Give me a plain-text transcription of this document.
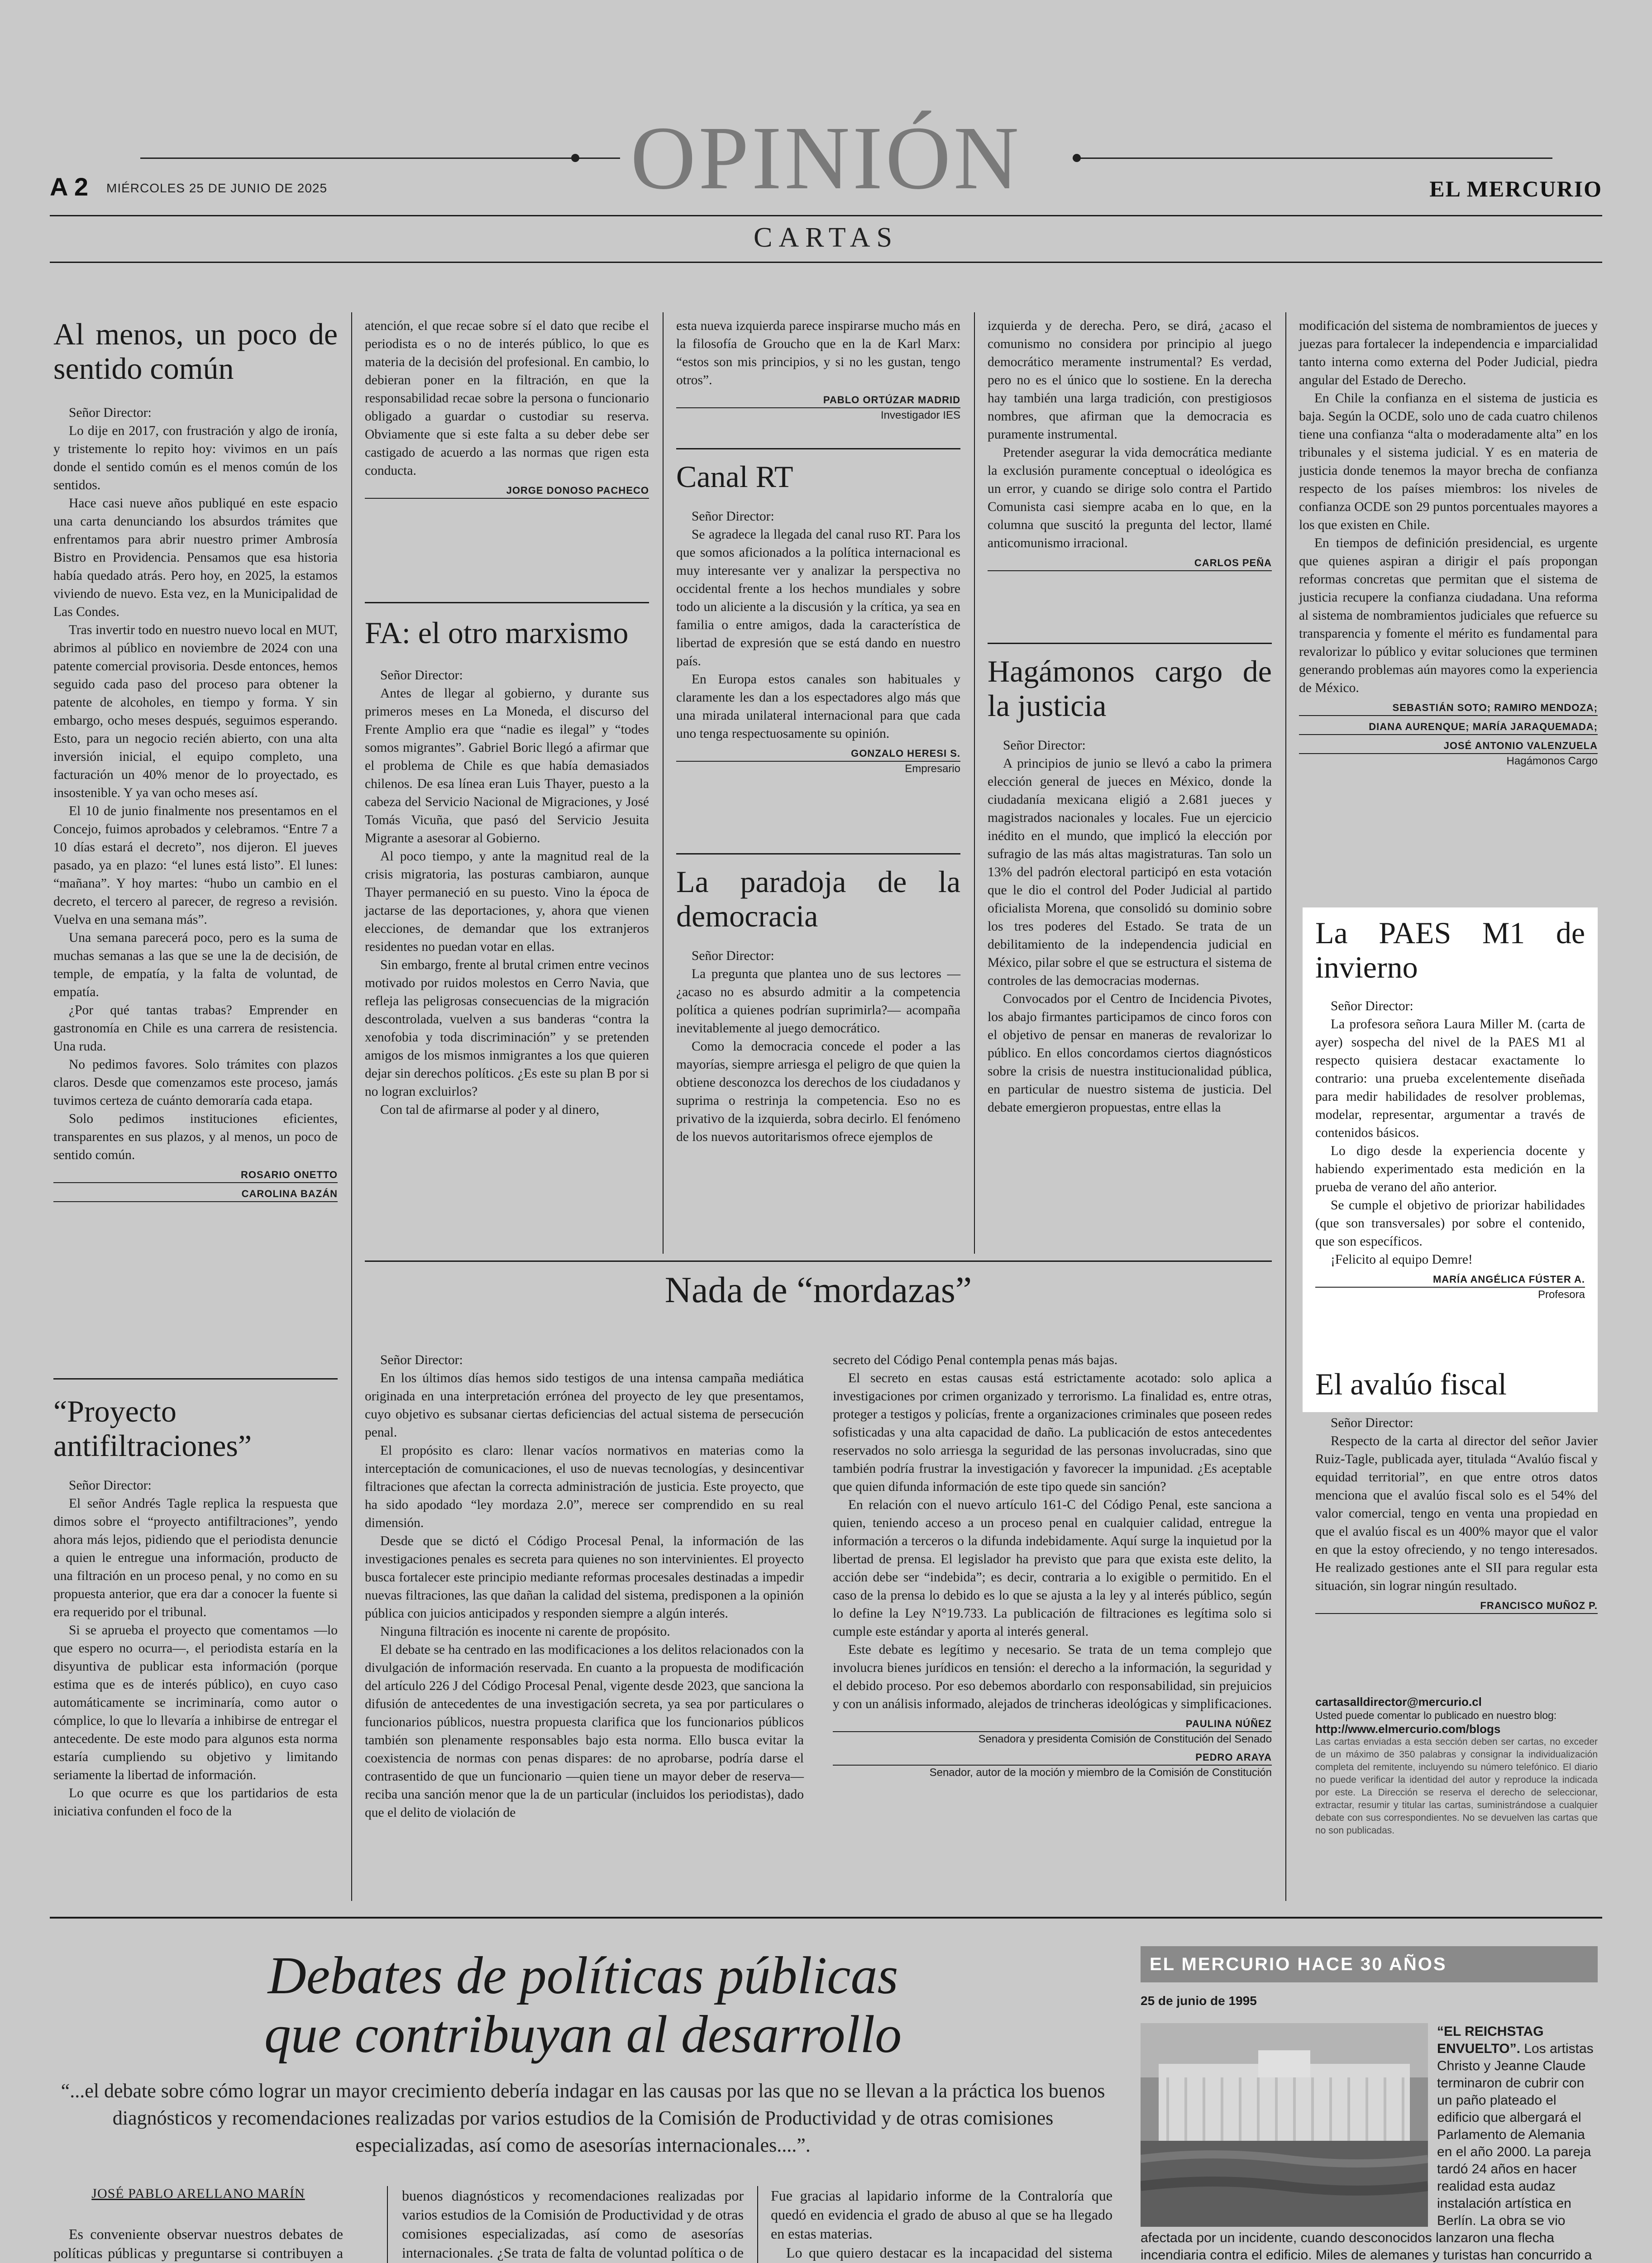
OPINIÓN
A 2 MIÉRCOLES 25 DE JUNIO DE 2025	EL MERCURIO
CARTAS
Al menos, un poco de sentido común

Señor Director:

Lo dije en 2017, con frustración y algo de ironía, y tristemente lo repito hoy: vivimos en un país donde el sentido común es el menos común de los sentidos.

Hace casi nueve años publiqué en este espacio una carta denunciando los absurdos trámites que enfrentamos para abrir nuestro primer Ambrosía Bistro en Providencia. Pensamos que esa historia había quedado atrás. Pero hoy, en 2025, la estamos viviendo de nuevo. Esta vez, en la Municipalidad de Las Condes.

Tras invertir todo en nuestro nuevo local en MUT, abrimos al público en noviembre de 2024 con una patente comercial provisoria. Desde entonces, hemos seguido cada paso del proceso para obtener la patente de alcoholes, en tiempo y forma. Y sin embargo, ocho meses después, seguimos esperando. Esto, para un negocio recién abierto, con una alta inversión inicial, el equipo completo, una facturación un 40% menor de lo proyectado, es insostenible. Y ya van ocho meses así.

El 10 de junio finalmente nos presentamos en el Concejo, fuimos aprobados y celebramos. “Entre 7 a 10 días estará el decreto”, nos dijeron. El jueves pasado, ya en plazo: “el lunes está listo”. El lunes: “mañana”. Y hoy martes: “hubo un cambio en el decreto, el tercero al parecer, de regreso a revisión. Vuelva en una semana más”.

Una semana parecerá poco, pero es la suma de muchas semanas a las que se une la de decisión, de temple, de empatía, y la falta de voluntad, de empatía.

¿Por qué tantas trabas? Emprender en gastronomía en Chile es una carrera de resistencia. Una ruda.

No pedimos favores. Solo trámites con plazos claros. Desde que comenzamos este proceso, jamás tuvimos certeza de cuánto demoraría cada etapa.

Solo pedimos instituciones eficientes, transparentes en sus plazos, y al menos, un poco de sentido común.

ROSARIO ONETTO
CAROLINA BAZÁN
“Proyecto antifiltraciones”

Señor Director:

El señor Andrés Tagle replica la respuesta que dimos sobre el “proyecto antifiltraciones”, yendo ahora más lejos, pidiendo que el periodista denuncie a quien le entregue una información, producto de una filtración en un proceso penal, y no como en su propuesta anterior, que era dar a conocer la fuente si era requerido por el tribunal.

Si se aprueba el proyecto que comentamos —lo que espero no ocurra—, el periodista estaría en la disyuntiva de publicar esta información (porque estima que es de interés público), en cuyo caso automáticamente se incriminaría, como autor o cómplice, lo que lo llevaría a inhibirse de entregar el antecedente. De este modo para algunos esta norma estaría cumpliendo su objetivo y limitando seriamente la libertad de información.

Lo que ocurre es que los partidarios de esta iniciativa confunden el foco de la

atención, el que recae sobre sí el dato que recibe el periodista es o no de interés público, lo que es materia de la decisión del profesional. En cambio, lo debieran poner en la filtración, en que la responsabilidad recae sobre la persona o funcionario obligado a guardar o custodiar su reserva. Obviamente que si este falta a su deber debe ser castigado de acuerdo a las normas que rigen esta conducta.

JORGE DONOSO PACHECO
FA: el otro marxismo

Señor Director:

Antes de llegar al gobierno, y durante sus primeros meses en La Moneda, el discurso del Frente Amplio era que “nadie es ilegal” y “todes somos migrantes”. Gabriel Boric llegó a afirmar que el problema de Chile es que había demasiados chilenos. De esa línea eran Luis Thayer, puesto a la cabeza del Servicio Nacional de Migraciones, y José Tomás Vicuña, que pasó del Servicio Jesuita Migrante a asesorar al Gobierno.

Al poco tiempo, y ante la magnitud real de la crisis migratoria, las posturas cambiaron, aunque Thayer permaneció en su puesto. Vino la época de jactarse de las deportaciones, y, ahora que vienen elecciones, de demandar que los extranjeros residentes no puedan votar en ellas.

Sin embargo, frente al brutal crimen entre vecinos motivado por ruidos molestos en Cerro Navia, que refleja las peligrosas consecuencias de la migración descontrolada, vuelven a sus banderas “contra la xenofobia y toda discriminación” y se pretenden amigos de los mismos inmigrantes a los que quieren dejar sin derechos políticos. ¿Es este su plan B por si no logran excluirlos?

Con tal de afirmarse al poder y al dinero,

esta nueva izquierda parece inspirarse mucho más en la filosofía de Groucho que en la de Karl Marx: “estos son mis principios, y si no les gustan, tengo otros”.

PABLO ORTÚZAR MADRID
Investigador IES
Canal RT

Señor Director:

Se agradece la llegada del canal ruso RT. Para los que somos aficionados a la política internacional es muy interesante ver y analizar la perspectiva no occidental frente a los hechos mundiales y sobre todo un aliciente a la discusión y la crítica, ya sea en familia o entre amigos, dada la característica de libertad de expresión que se está dando en nuestro país.

En Europa estos canales son habituales y claramente les dan a los espectadores algo más que una mirada unilateral internacional para que cada uno tenga respectuosamente su opinión.

GONZALO HERESI S.
Empresario
La paradoja de la democracia

Señor Director:

La pregunta que plantea uno de sus lectores —¿acaso no es absurdo admitir a la competencia política a quienes podrían suprimirla?— acompaña inevitablemente al juego democrático.

Como la democracia concede el poder a las mayorías, siempre arriesga el peligro de que quien la obtiene desconozca los derechos de los ciudadanos y suprima o restrinja la competencia. Eso no es privativo de la izquierda, sobra decirlo. El fenómeno de los nuevos autoritarismos ofrece ejemplos de

izquierda y de derecha. Pero, se dirá, ¿acaso el comunismo no considera por principio al juego democrático meramente instrumental? Es verdad, pero no es el único que lo sostiene. En la derecha hay también una larga tradición, con prestigiosos nombres, que afirman que la democracia es puramente instrumental.

Pretender asegurar la vida democrática mediante la exclusión puramente conceptual o ideológica es un error, y cuando se dirige solo contra el Partido Comunista casi siempre acaba en lo que, en la columna que suscitó la pregunta del lector, llamé anticomunismo irracional.

CARLOS PEÑA
Hagámonos cargo de la justicia

Señor Director:

A principios de junio se llevó a cabo la primera elección general de jueces en México, donde la ciudadanía mexicana eligió a 2.681 jueces y magistrados nacionales y locales. Fue un ejercicio inédito en el mundo, que implicó la elección por sufragio de las más altas magistraturas. Tan solo un 13% del padrón electoral participó en esta votación que le dio el control del Poder Judicial al partido oficialista Morena, que consolidó su dominio sobre los tres poderes del Estado. Se trata de un debilitamiento de la independencia judicial en México, pilar sobre el que se estructura el sistema de controles de las democracias modernas.

Convocados por el Centro de Incidencia Pivotes, los abajo firmantes participamos de cinco foros con el objetivo de pensar en maneras de revalorizar lo público. En ellos concordamos ciertos diagnósticos sobre la crisis de nuestra institucionalidad pública, en particular de nuestro sistema de justicia. Del debate emergieron propuestas, entre ellas la

modificación del sistema de nombramientos de jueces y juezas para fortalecer la independencia e imparcialidad tanto interna como externa del Poder Judicial, piedra angular del Estado de Derecho.

En Chile la confianza en el sistema de justicia es baja. Según la OCDE, solo uno de cada cuatro chilenos tiene una confianza “alta o moderadamente alta” en los tribunales y el sistema judicial. Y es en materia de justicia donde tenemos la mayor brecha de confianza respecto de los países miembros: los niveles de confianza OCDE son 29 puntos porcentuales mayores a los que existen en Chile.

En tiempos de definición presidencial, es urgente que quienes aspiran a dirigir el país propongan reformas concretas que permitan que el sistema de justicia recupere la confianza ciudadana. Una reforma al sistema de nombramientos judiciales que refuerce su transparencia y fomente el mérito es fundamental para revalorizar lo público y evitar soluciones que terminen generando problemas aún mayores como la experiencia de México.

SEBASTIÁN SOTO; RAMIRO MENDOZA;
DIANA AURENQUE; MARÍA JARAQUEMADA;
JOSÉ ANTONIO VALENZUELA
Hagámonos Cargo
La PAES M1 de invierno

Señor Director:

La profesora señora Laura Miller M. (carta de ayer) sospecha del nivel de la PAES M1 al respecto quisiera destacar exactamente lo contrario: una prueba excelentemente diseñada para medir habilidades de resolver problemas, modelar, representar, argumentar a través de contenidos básicos.

Lo digo desde la experiencia docente y habiendo experimentado esta medición en la prueba de verano del año anterior.

Se cumple el objetivo de priorizar habilidades (que son transversales) por sobre el contenido, que son específicos.

¡Felicito al equipo Demre!

MARÍA ANGÉLICA FÚSTER A.
Profesora
El avalúo fiscal

Señor Director:

Respecto de la carta al director del señor Javier Ruiz-Tagle, publicada ayer, titulada “Avalúo fiscal y equidad territorial”, en que entre otros datos menciona que el avalúo fiscal solo es el 54% del valor comercial, tengo en venta una propiedad en que el avalúo fiscal es un 400% mayor que el valor en que la estoy ofreciendo, y no tengo interesados. He realizado gestiones ante el SII para regular esta situación, sin lograr ningún resultado.

FRANCISCO MUÑOZ P.
cartasalldirector@mercurio.cl
Usted puede comentar lo publicado en nuestro blog:
http://www.elmercurio.com/blogs
Las cartas enviadas a esta sección deben ser cartas, no exceder de un máximo de 350 palabras y consignar la individualización completa del remitente, incluyendo su número telefónico. El diario no puede verificar la identidad del autor y reproduce la indicada por este. La Dirección se reserva el derecho de seleccionar, extractar, resumir y titular las cartas, suministrándose a cualquier debate con sus correspondientes. No se devuelven las cartas que no son publicadas.
Nada de “mordazas”

Señor Director:

En los últimos días hemos sido testigos de una intensa campaña mediática originada en una interpretación errónea del proyecto de ley que presentamos, cuyo objetivo es subsanar ciertas deficiencias del actual sistema de persecución penal.

El propósito es claro: llenar vacíos normativos en materias como la interceptación de comunicaciones, el uso de nuevas tecnologías, y desincentivar filtraciones que afectan la correcta administración de justicia. Este proyecto, que ha sido apodado “ley mordaza 2.0”, merece ser comprendido en su real dimensión.

Desde que se dictó el Código Procesal Penal, la información de las investigaciones penales es secreta para quienes no son intervinientes. El proyecto busca fortalecer este principio mediante reformas procesales destinadas a impedir nuevas filtraciones, las que dañan la calidad del sistema, predisponen a la opinión pública con juicios anticipados y responden siempre a algún interés.

Ninguna filtración es inocente ni carente de propósito.

El debate se ha centrado en las modificaciones a los delitos relacionados con la divulgación de información reservada. En cuanto a la propuesta de modificación del artículo 226 J del Código Procesal Penal, vigente desde 2023, que sanciona la difusión de antecedentes de una investigación secreta, ya sea por particulares o funcionarios públicos, nuestra propuesta clarifica que los funcionarios públicos también son plenamente responsables bajo esta norma. Ello busca evitar la coexistencia de normas con penas dispares: de no aprobarse, podría darse el contrasentido de que un funcionario —quien tiene un mayor deber de reserva— reciba una sanción menor que la de un particular (incluidos los periodistas), dado que el delito de violación de

secreto del Código Penal contempla penas más bajas.

El secreto en estas causas está estrictamente acotado: solo aplica a investigaciones por crimen organizado y terrorismo. La finalidad es, entre otras, proteger a testigos y policías, frente a organizaciones criminales que poseen redes sofisticadas y una alta capacidad de daño. La publicación de estos antecedentes reservados no solo arriesga la seguridad de las personas involucradas, sino que también podría frustrar la investigación y favorecer la impunidad. ¿Es aceptable que quien difunda información de este tipo quede sin sanción?

En relación con el nuevo artículo 161-C del Código Penal, este sanciona a quien, teniendo acceso a un proceso penal en cualquier calidad, entregue la información a terceros o la difunda indebidamente. Aquí surge la inquietud por la libertad de prensa. El legislador ha previsto que para que exista este delito, la acción debe ser “indebida”; es decir, contraria a lo exigible o permitido. En el caso de la prensa lo debido es lo que se ajusta a la ley y al interés público, según lo define la Ley N°19.733. La publicación de filtraciones es legítima solo si cumple este estándar y aporta al interés general.

Este debate es legítimo y necesario. Se trata de un tema complejo que involucra bienes jurídicos en tensión: el derecho a la información, la seguridad y el debido proceso. Por eso debemos abordarlo con responsabilidad, sin prejuicios y con un análisis informado, alejados de trincheras ideológicas y simplificaciones.

PAULINA NÚÑEZ
Senadora y presidenta Comisión de Constitución del Senado
PEDRO ARAYA
Senador, autor de la moción y miembro de la Comisión de Constitución
Debates de políticas públicas
que contribuyan al desarrollo
“...el debate sobre cómo lograr un mayor crecimiento debería indagar en las causas por las que no se llevan a la práctica los buenos diagnósticos y recomendaciones realizadas por varios estudios de la Comisión de Productividad y de otras comisiones especializadas, así como de asesorías internacionales....”.
JOSÉ PABLO ARELLANO MARÍN

Es conveniente observar nuestros debates de políticas públicas y preguntarse si contribuyen a

buenos diagnósticos y recomendaciones realizadas por varios estudios de la Comisión de Productividad y de otras comisiones especializadas, así como de asesorías internacionales. ¿Se trata de falta de voluntad política o de

Fue gracias al lapidario informe de la Contraloría que quedó en evidencia el grado de abuso al que se ha llegado en estas materias.

Lo que quiero destacar es la incapacidad del sistema

EL MERCURIO HACE 30 AÑOS
25 de junio de 1995
“EL REICHSTAG ENVUELTO”. Los artistas Christo y Jeanne Claude terminaron de cubrir con un paño plateado el edificio que albergará el Parlamento de Alemania en el año 2000. La pareja tardó 24 años en hacer realidad esta audaz instalación artística en Berlín. La obra se vio afectada por un incidente, cuando desconocidos lanzaron una flecha incendiaria contra el edificio. Miles de alemanes y turistas han concurrido a
